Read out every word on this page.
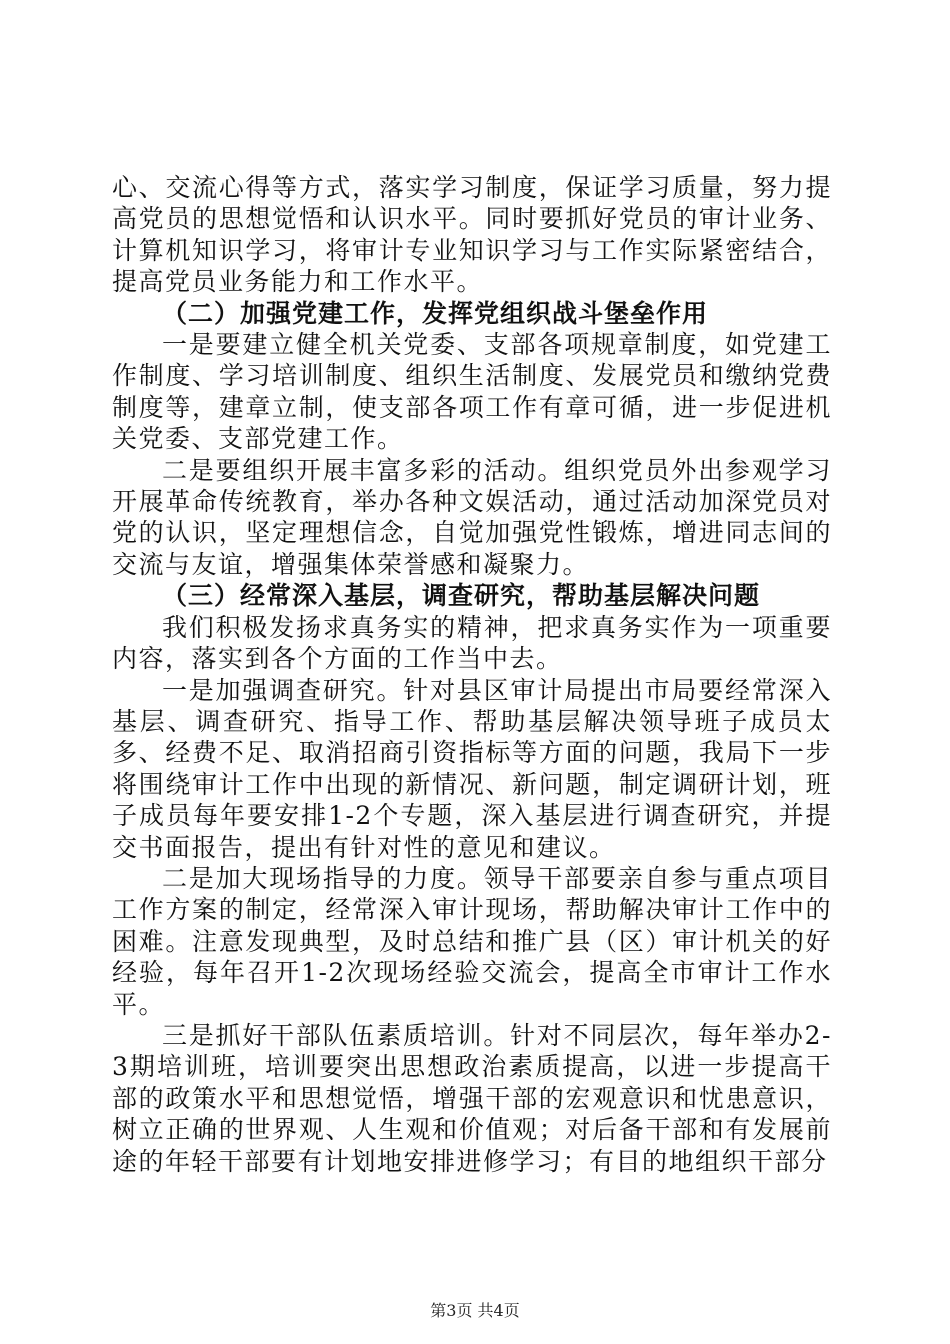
心、交流心得等方式，落实学习制度，保证学习质量，努力提高党员的思想觉悟和认识水平。同时要抓好党员的审计业务、计算机知识学习，将审计专业知识学习与工作实际紧密结合，提高党员业务能力和工作水平。

（二）加强党建工作，发挥党组织战斗堡垒作用

一是要建立健全机关党委、支部各项规章制度，如党建工作制度、学习培训制度、组织生活制度、发展党员和缴纳党费制度等，建章立制，使支部各项工作有章可循，进一步促进机关党委、支部党建工作。

二是要组织开展丰富多彩的活动。组织党员外出参观学习开展革命传统教育，举办各种文娱活动，通过活动加深党员对党的认识，坚定理想信念，自觉加强党性锻炼，增进同志间的交流与友谊，增强集体荣誉感和凝聚力。

（三）经常深入基层，调查研究，帮助基层解决问题

我们积极发扬求真务实的精神，把求真务实作为一项重要内容，落实到各个方面的工作当中去。

一是加强调查研究。针对县区审计局提出市局要经常深入基层、调查研究、指导工作、帮助基层解决领导班子成员太多、经费不足、取消招商引资指标等方面的问题，我局下一步将围绕审计工作中出现的新情况、新问题，制定调研计划，班子成员每年要安排1-2个专题，深入基层进行调查研究，并提交书面报告，提出有针对性的意见和建议。

二是加大现场指导的力度。领导干部要亲自参与重点项目工作方案的制定，经常深入审计现场，帮助解决审计工作中的困难。注意发现典型，及时总结和推广县（区）审计机关的好经验，每年召开1-2次现场经验交流会，提高全市审计工作水平。

三是抓好干部队伍素质培训。针对不同层次，每年举办2-3期培训班，培训要突出思想政治素质提高，以进一步提高干部的政策水平和思想觉悟，增强干部的宏观意识和忧患意识，树立正确的世界观、人生观和价值观；对后备干部和有发展前途的年轻干部要有计划地安排进修学习；有目的地组织干部分

第3页 共4页
